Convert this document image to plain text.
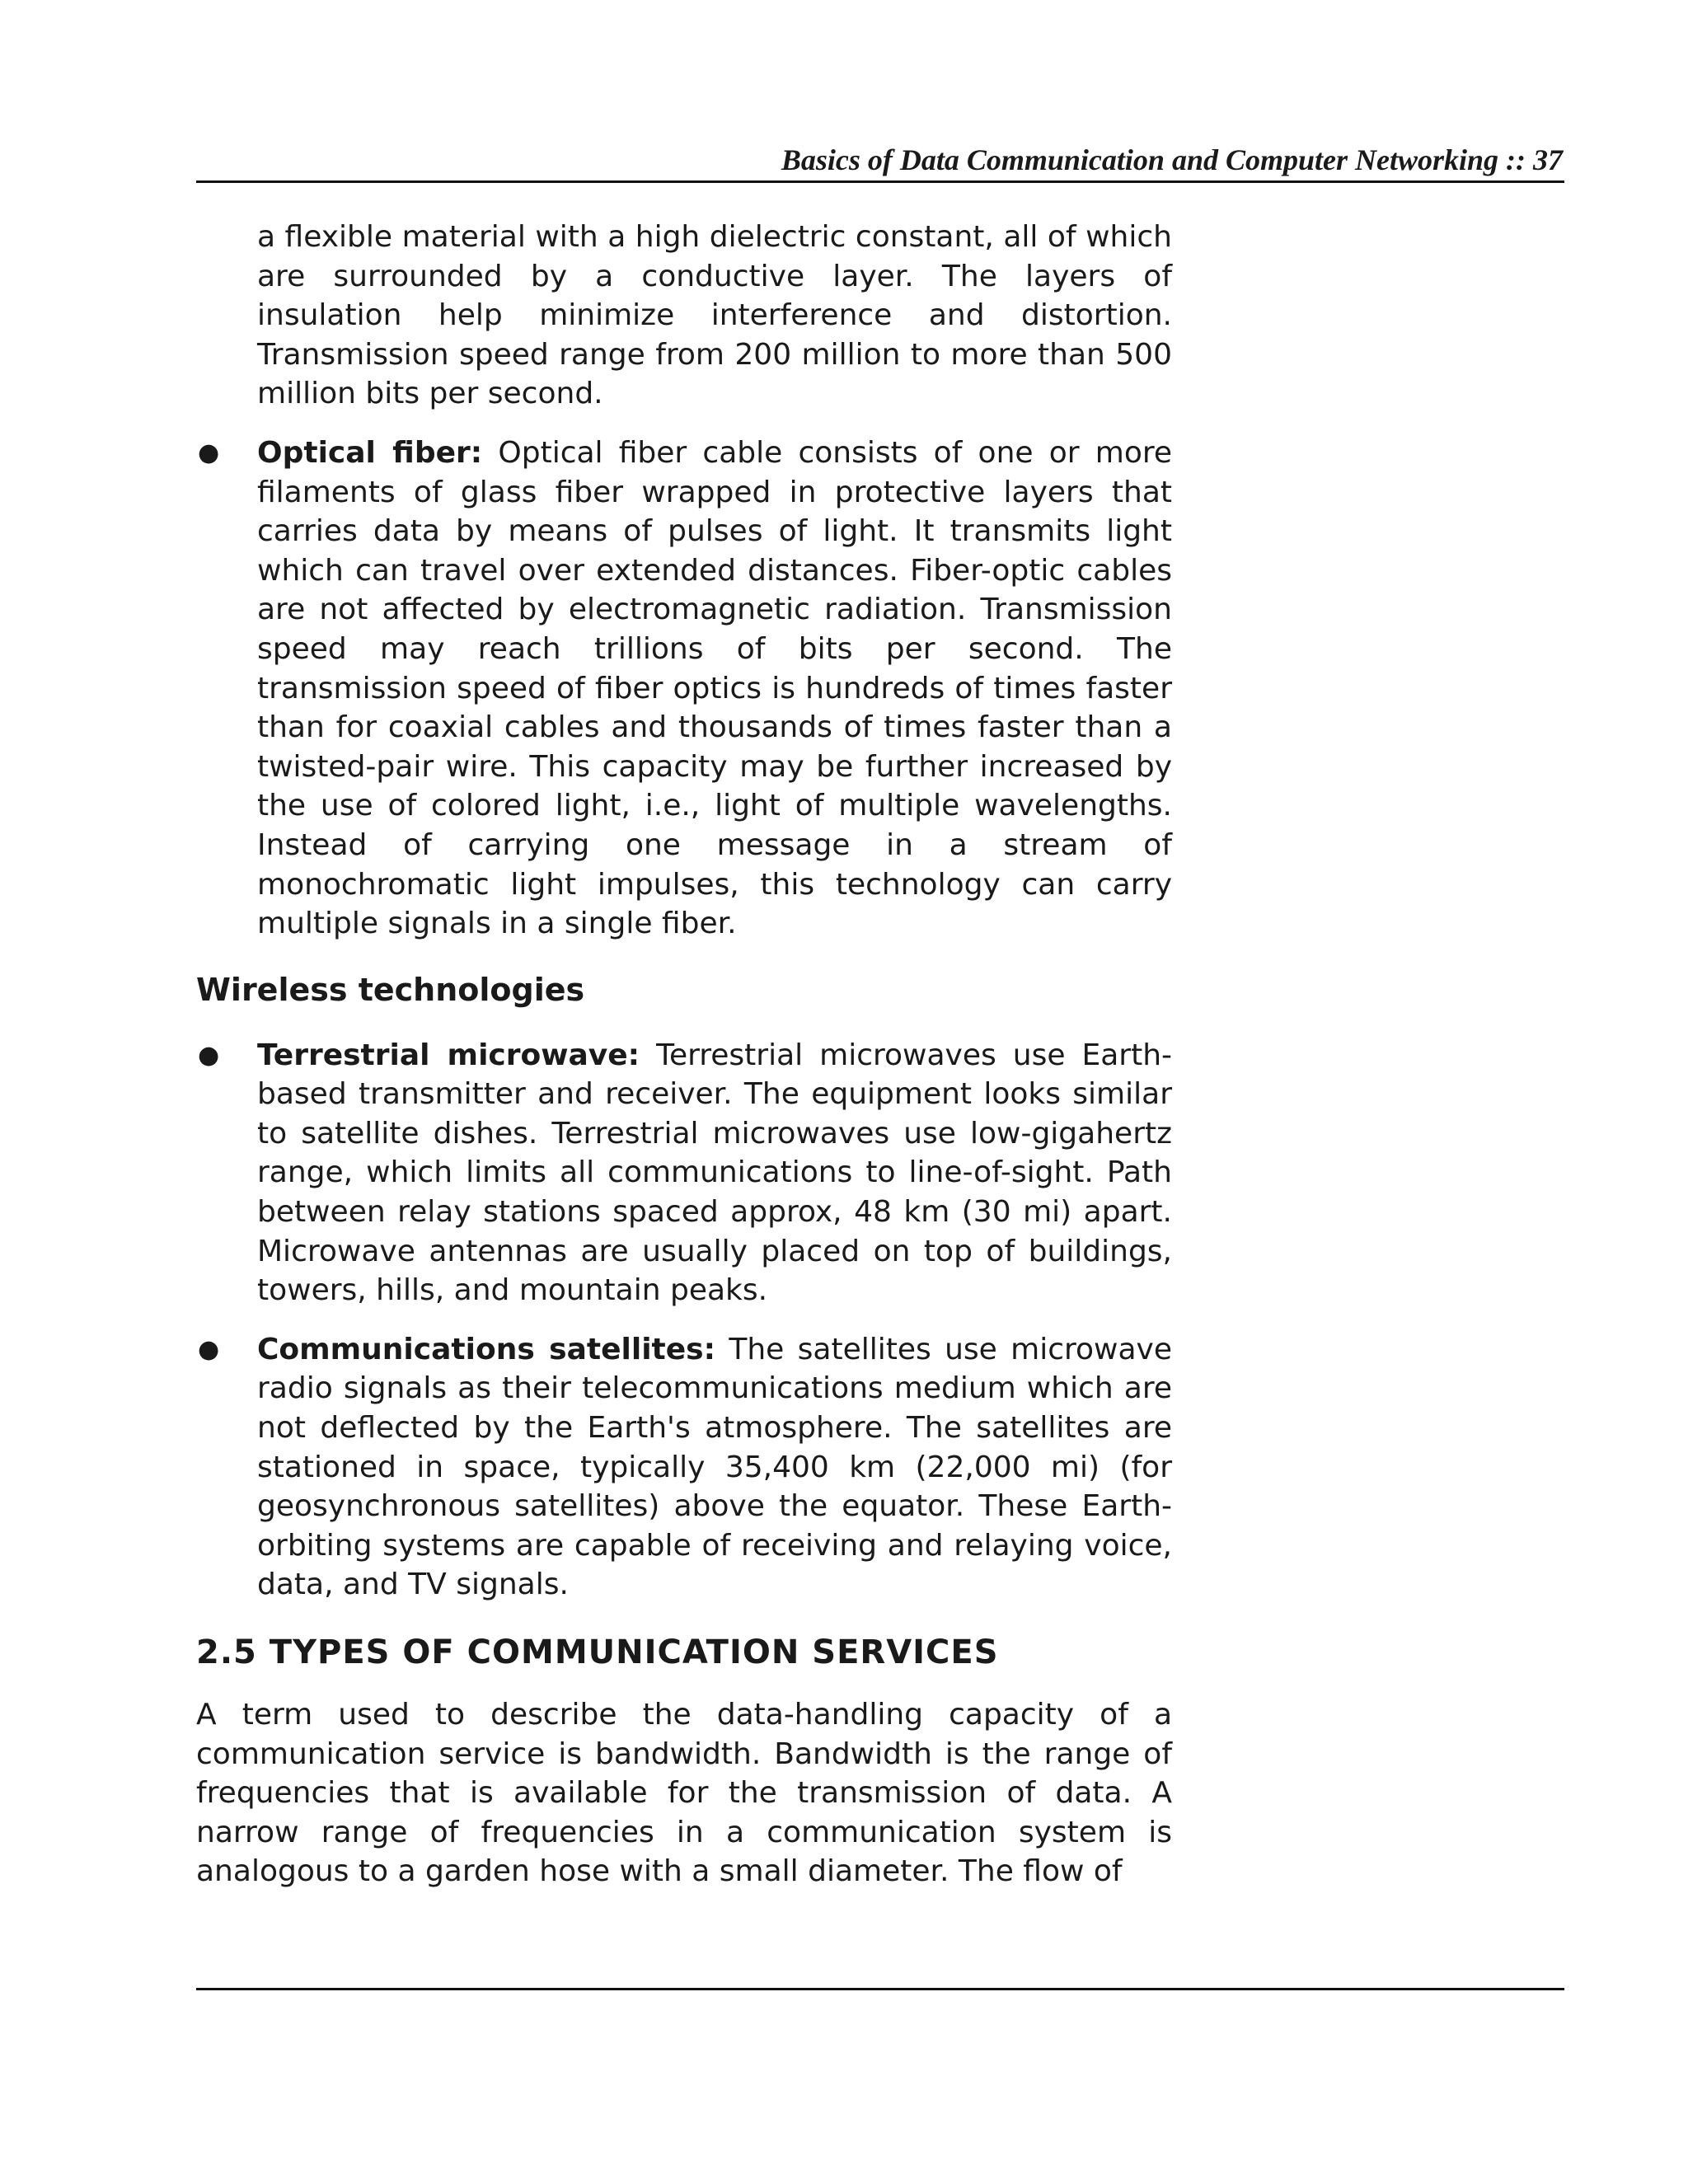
Basics of Data Communication and Computer Networking :: 37

a flexible material with a high dielectric constant, all of which are surrounded by a conductive layer. The layers of insulation help minimize interference and distortion. Transmission speed range from 200 million to more than 500 million bits per second.

●	Optical fiber: Optical fiber cable consists of one or more filaments of glass fiber wrapped in protective layers that carries data by means of pulses of light. It transmits light which can travel over extended distances. Fiber-optic cables are not affected by electromagnetic radiation. Transmission speed may reach trillions of bits per second. The transmission speed of fiber optics is hundreds of times faster than for coaxial cables and thousands of times faster than a twisted-pair wire. This capacity may be further increased by the use of colored light, i.e., light of multiple wavelengths. Instead of carrying one message in a stream of monochromatic light impulses, this technology can carry multiple signals in a single fiber.

Wireless technologies

●	Terrestrial microwave: Terrestrial microwaves use Earth-based transmitter and receiver. The equipment looks similar to satellite dishes. Terrestrial microwaves use low-gigahertz range, which limits all communications to line-of-sight. Path between relay stations spaced approx, 48 km (30 mi) apart. Microwave antennas are usually placed on top of buildings, towers, hills, and mountain peaks.

●	Communications satellites: The satellites use microwave radio signals as their telecommunications medium which are not deflected by the Earth's atmosphere. The satellites are stationed in space, typically 35,400 km (22,000 mi) (for geosynchronous satellites) above the equator. These Earth-orbiting systems are capable of receiving and relaying voice, data, and TV signals.

2.5 TYPES OF COMMUNICATION SERVICES

A term used to describe the data-handling capacity of a communication service is bandwidth. Bandwidth is the range of frequencies that is available for the transmission of data. A narrow range of frequencies in a communication system is analogous to a garden hose with a small diameter. The flow of
